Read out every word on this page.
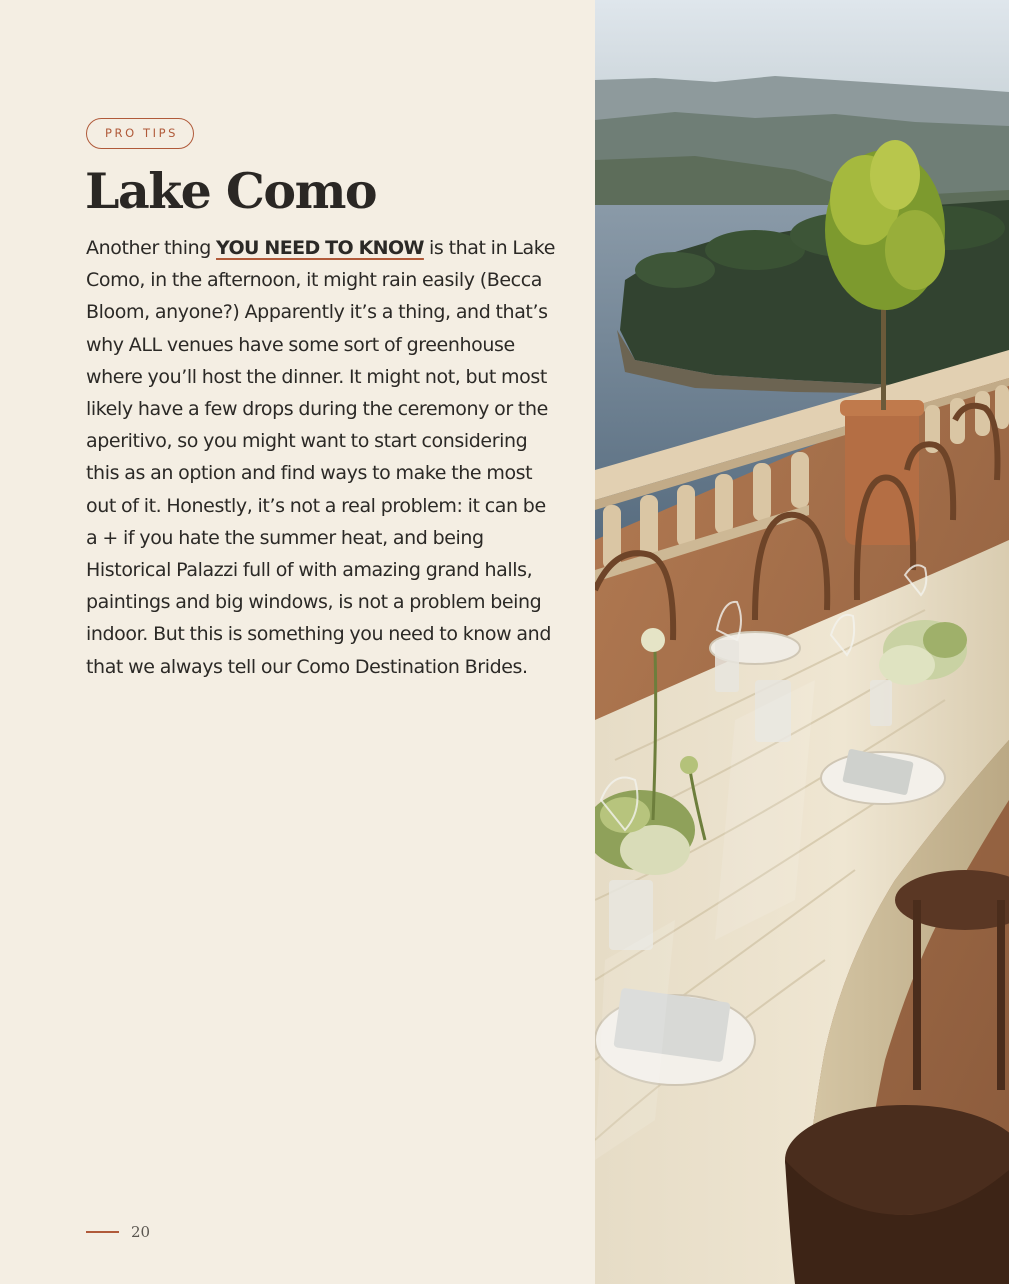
PRO TIPS
Lake Como

Another thing YOU NEED TO KNOW is that in Lake Como, in the afternoon, it might rain easily (Becca Bloom, anyone?) Apparently it’s a thing, and that’s why ALL venues have some sort of greenhouse where you’ll host the dinner. It might not, but most likely have a few drops during the ceremony or the aperitivo, so you might want to start considering this as an option and find ways to make the most out of it. Honestly, it’s not a real problem: it can be a + if you hate the summer heat, and being Historical Palazzi full of with amazing grand halls, paintings and big windows, is not a problem being indoor. But this is something you need to know and that we always tell our Como Destination Brides.

20
